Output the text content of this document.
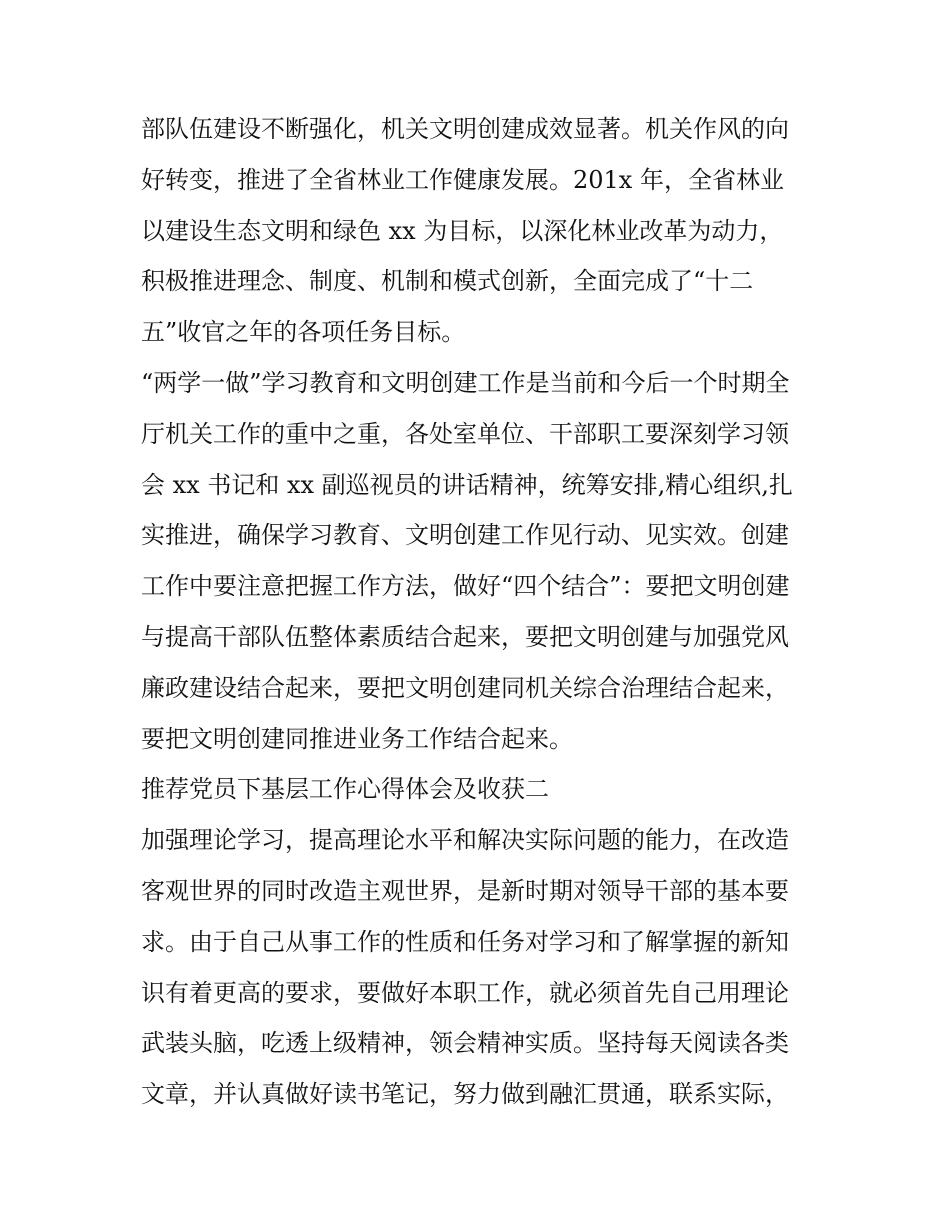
部队伍建设不断强化，机关文明创建成效显著。机关作风的向
好转变，推进了全省林业工作健康发展。201x 年，全省林业
以建设生态文明和绿色 xx 为目标，以深化林业改革为动力，
积极推进理念、制度、机制和模式创新，全面完成了“十二
五”收官之年的各项任务目标。
“两学一做”学习教育和文明创建工作是当前和今后一个时期全
厅机关工作的重中之重，各处室单位、干部职工要深刻学习领
会 xx 书记和 xx 副巡视员的讲话精神，统筹安排,精心组织,扎
实推进，确保学习教育、文明创建工作见行动、见实效。创建
工作中要注意把握工作方法，做好“四个结合”：要把文明创建
与提高干部队伍整体素质结合起来，要把文明创建与加强党风
廉政建设结合起来，要把文明创建同机关综合治理结合起来，
要把文明创建同推进业务工作结合起来。
推荐党员下基层工作心得体会及收获二
加强理论学习，提高理论水平和解决实际问题的能力，在改造
客观世界的同时改造主观世界，是新时期对领导干部的基本要
求。由于自己从事工作的性质和任务对学习和了解掌握的新知
识有着更高的要求，要做好本职工作，就必须首先自己用理论
武装头脑，吃透上级精神，领会精神实质。坚持每天阅读各类
文章，并认真做好读书笔记，努力做到融汇贯通，联系实际，
